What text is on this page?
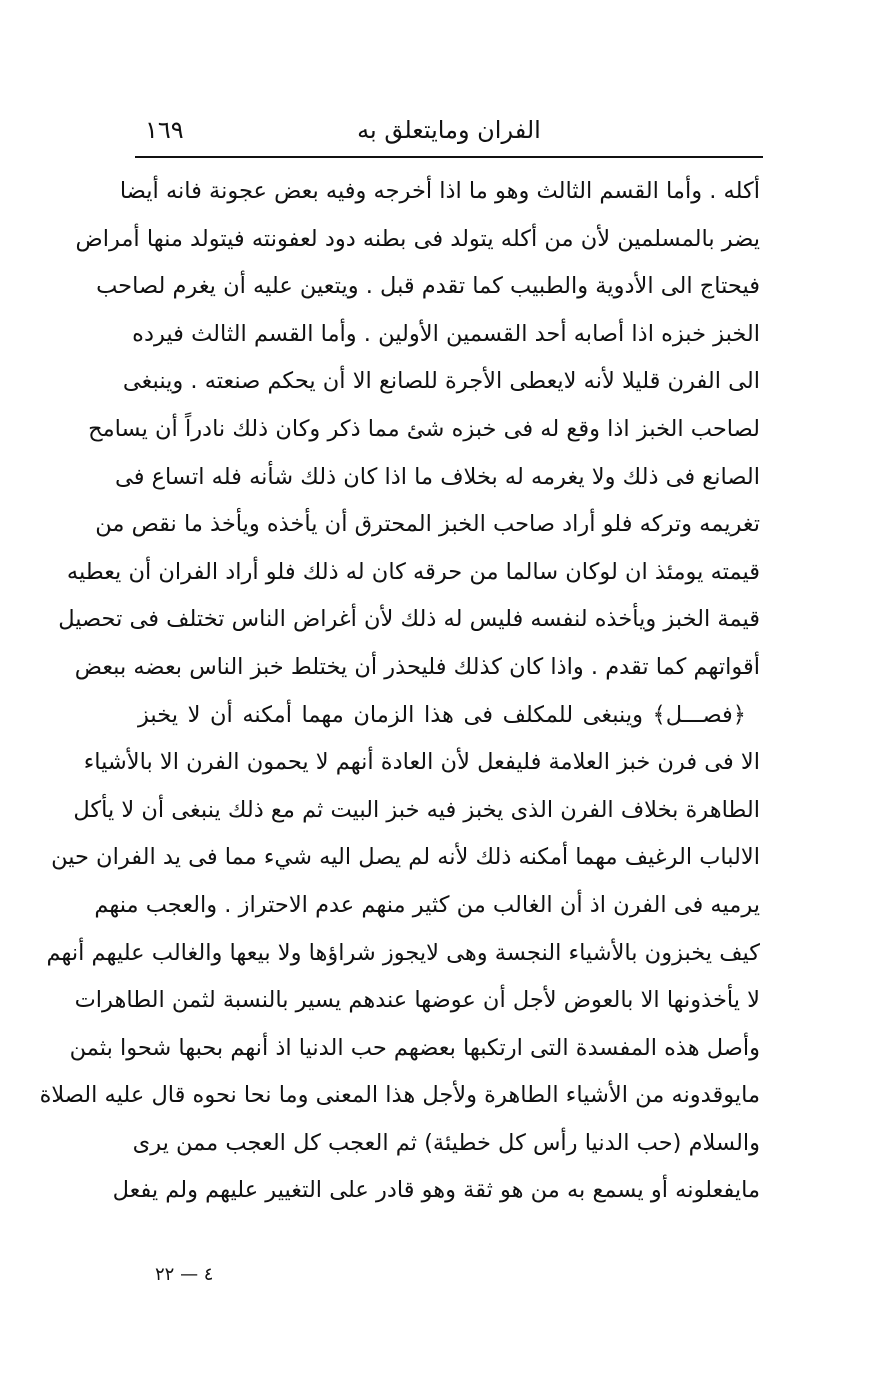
الفران ومايتعلق به
١٦٩
أكله . وأما القسم الثالث وهو ما اذا أخرجه وفيه بعض عجونة فانه أيضا
يضر بالمسلمين لأن من أكله يتولد فى بطنه دود لعفونته فيتولد منها أمراض
فيحتاج الى الأدوية والطبيب كما تقدم قبل . ويتعين عليه أن يغرم لصاحب
الخبز خبزه اذا أصابه أحد القسمين الأولين . وأما القسم الثالث فيرده
الى الفرن قليلا لأنه لايعطى الأجرة للصانع الا أن يحكم صنعته . وينبغى
لصاحب الخبز اذا وقع له فى خبزه شئ مما ذكر وكان ذلك نادراً أن يسامح
الصانع فى ذلك ولا يغرمه له بخلاف ما اذا كان ذلك شأنه فله اتساع فى
تغريمه وتركه فلو أراد صاحب الخبز المحترق أن يأخذه ويأخذ ما نقص من
قيمته يومئذ ان لوكان سالما من حرقه كان له ذلك فلو أراد الفران أن يعطيه
قيمة الخبز ويأخذه لنفسه فليس له ذلك لأن أغراض الناس تختلف فى تحصيل
أقواتهم كما تقدم . واذا كان كذلك فليحذر أن يختلط خبز الناس بعضه ببعض
﴿فصـــل﴾ وينبغى للمكلف فى هذا الزمان مهما أمكنه أن لا يخبز
الا فى فرن خبز العلامة فليفعل لأن العادة أنهم لا يحمون الفرن الا بالأشياء
الطاهرة بخلاف الفرن الذى يخبز فيه خبز البيت ثم مع ذلك ينبغى أن لا يأكل
الالباب الرغيف مهما أمكنه ذلك لأنه لم يصل اليه شيء مما فى يد الفران حين
يرميه فى الفرن اذ أن الغالب من كثير منهم عدم الاحتراز . والعجب منهم
كيف يخبزون بالأشياء النجسة وهى لايجوز شراؤها ولا بيعها والغالب عليهم أنهم
لا يأخذونها الا بالعوض لأجل أن عوضها عندهم يسير بالنسبة لثمن الطاهرات
وأصل هذه المفسدة التى ارتكبها بعضهم حب الدنيا اذ أنهم بحبها شحوا بثمن
مايوقدونه من الأشياء الطاهرة ولأجل هذا المعنى وما نحا نحوه قال عليه الصلاة
والسلام (حب الدنيا رأس كل خطيئة) ثم العجب كل العجب ممن يرى
مايفعلونه أو يسمع به من هو ثقة وهو قادر على التغيير عليهم ولم يفعل
٤ — ٢٢
